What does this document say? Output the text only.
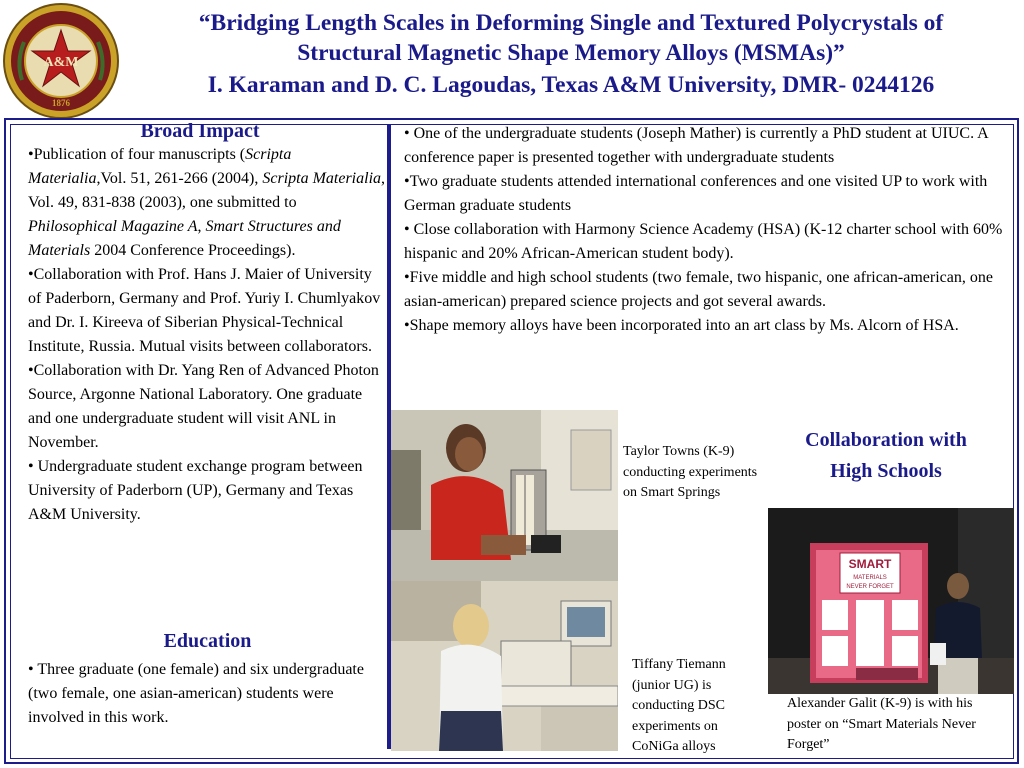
A&M
1876
“Bridging Length Scales in Deforming Single and Textured Polycrystals of
Structural Magnetic Shape Memory Alloys (MSMAs)”
I. Karaman and D. C. Lagoudas, Texas A&M University, DMR- 0244126
Broad Impact

•Publication of four manuscripts (Scripta Materialia,Vol. 51, 261-266 (2004), Scripta Materialia, Vol. 49, 831-838 (2003), one submitted to Philosophical Magazine A, Smart Structures and Materials 2004 Conference Proceedings).

•Collaboration with Prof. Hans J. Maier of University of Paderborn, Germany and Prof. Yuriy I. Chumlyakov and Dr. I. Kireeva of Siberian Physical-Technical Institute, Russia. Mutual visits between collaborators.

•Collaboration with Dr. Yang Ren of Advanced Photon Source, Argonne National Laboratory. One graduate and one undergraduate student will visit ANL in November.

• Undergraduate student exchange program between University of Paderborn (UP), Germany and Texas A&M University.

Education

• Three graduate (one female) and six undergraduate (two female, one asian-american) students were involved in this work.

• One of the undergraduate students (Joseph Mather) is currently a PhD student at UIUC. A conference paper is presented together with undergraduate students

•Two graduate students attended international conferences and one visited UP to work with German graduate students

• Close collaboration with Harmony Science Academy (HSA) (K-12 charter school with 60% hispanic and 20% African-American student body).

•Five middle and high school students (two female, two hispanic, one african-american, one asian-american) prepared science projects and got several awards.

•Shape memory alloys have been incorporated into an art class by Ms. Alcorn of HSA.

Taylor Towns (K-9) conducting experiments on Smart Springs
Tiffany Tiemann (junior UG) is conducting DSC experiments on CoNiGa alloys
Collaboration with
High Schools
SMART
MATERIALS
NEVER FORGET
Alexander Galit (K-9) is with his poster on “Smart Materials Never Forget”
